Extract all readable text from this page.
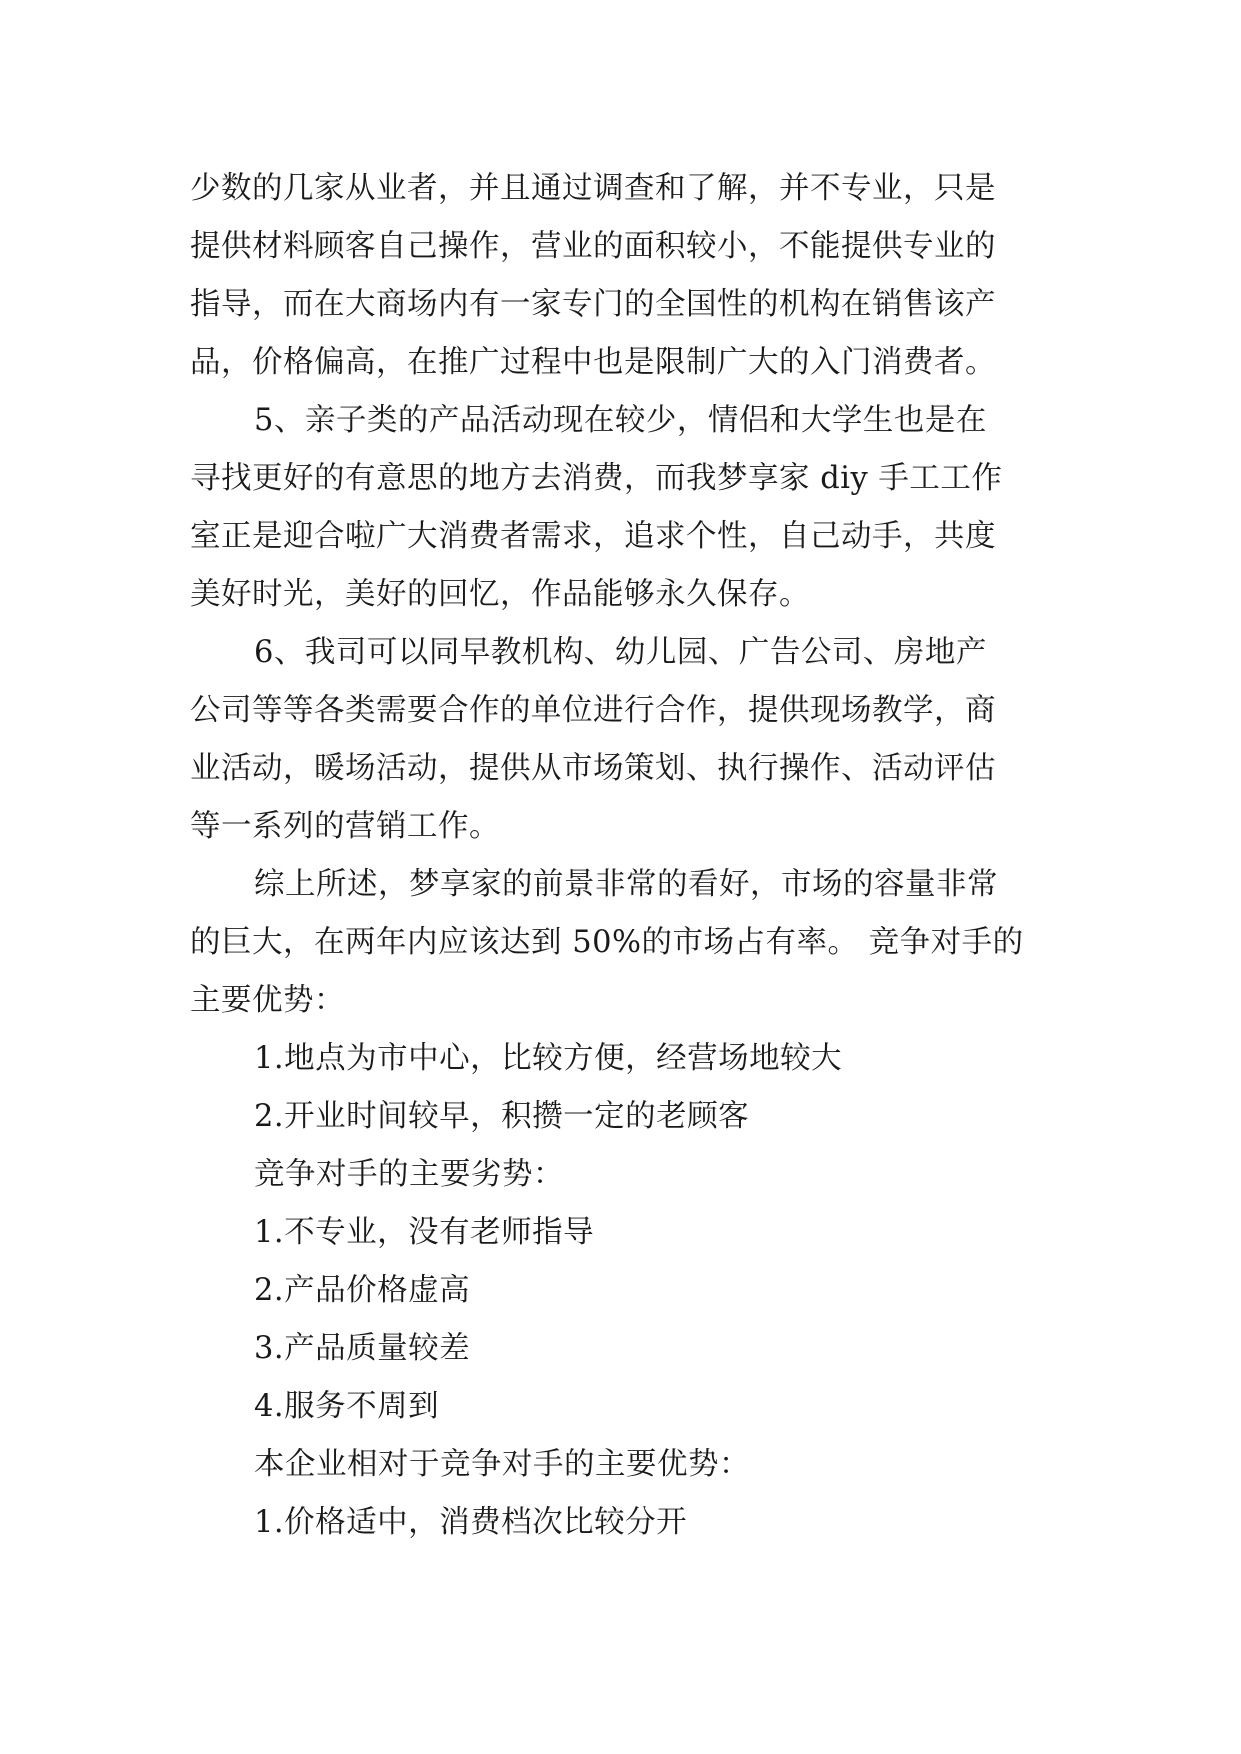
少数的几家从业者，并且通过调查和了解，并不专业，只是
提供材料顾客自己操作，营业的面积较小，不能提供专业的
指导，而在大商场内有一家专门的全国性的机构在销售该产
品，价格偏高，在推广过程中也是限制广大的入门消费者。
5、亲子类的产品活动现在较少，情侣和大学生也是在
寻找更好的有意思的地方去消费，而我梦享家 diy 手工工作
室正是迎合啦广大消费者需求，追求个性，自己动手，共度
美好时光，美好的回忆，作品能够永久保存。
6、我司可以同早教机构、幼儿园、广告公司、房地产
公司等等各类需要合作的单位进行合作，提供现场教学，商
业活动，暖场活动，提供从市场策划、执行操作、活动评估
等一系列的营销工作。
综上所述，梦享家的前景非常的看好，市场的容量非常
的巨大，在两年内应该达到 50%的市场占有率。 竞争对手的
主要优势：
1.地点为市中心，比较方便，经营场地较大
2.开业时间较早，积攒一定的老顾客
竞争对手的主要劣势：
1.不专业，没有老师指导
2.产品价格虚高
3.产品质量较差
4.服务不周到
本企业相对于竞争对手的主要优势：
1.价格适中，消费档次比较分开
